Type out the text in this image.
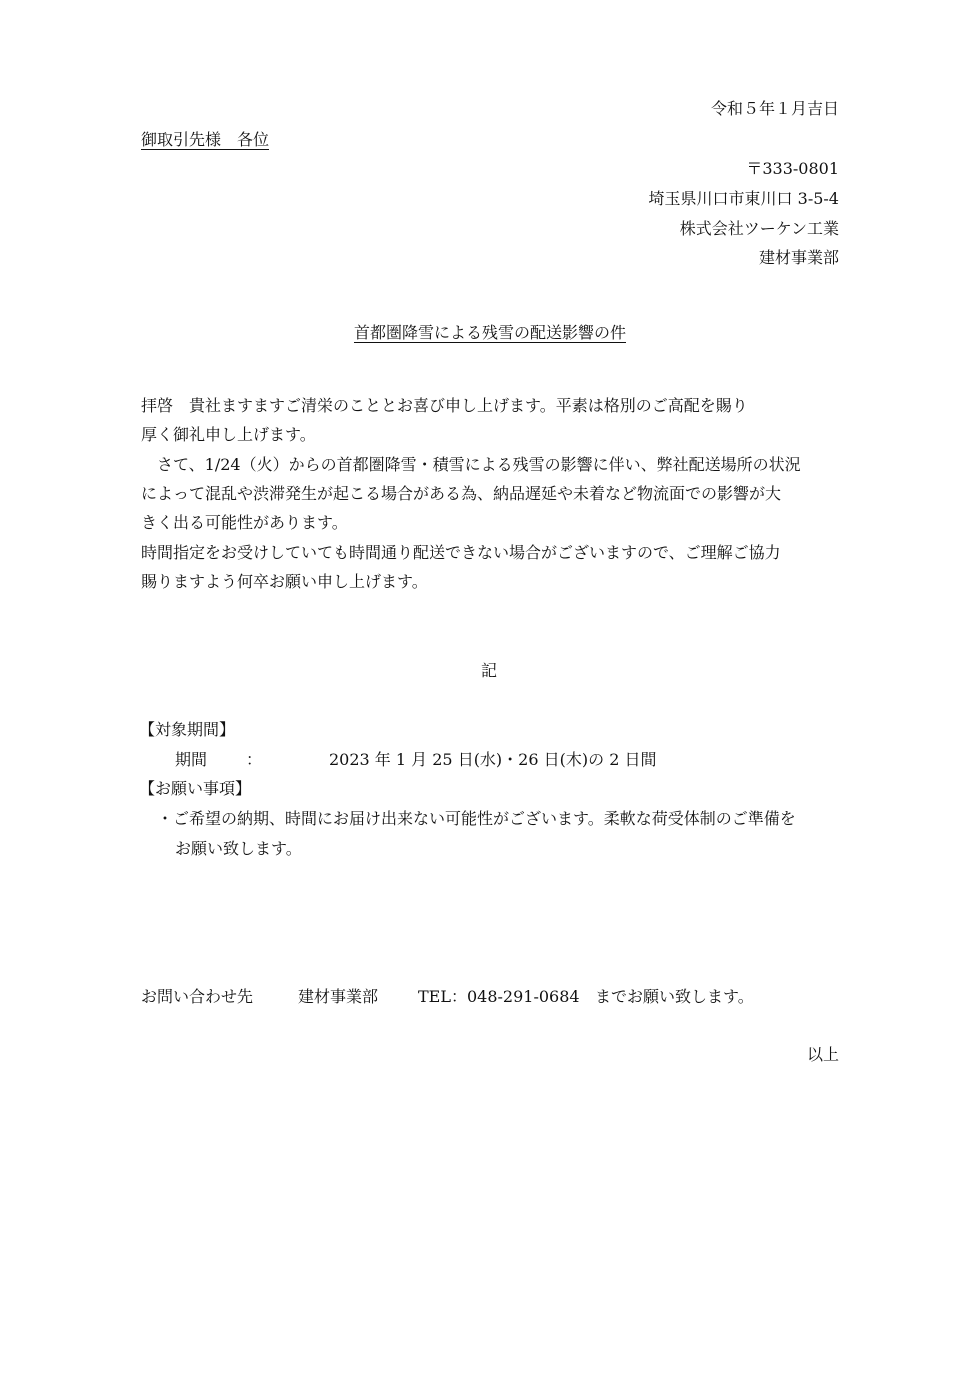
令和５年１月吉日
御取引先様　各位
〒333-0801
埼玉県川口市東川口 3-5-4
株式会社ツーケン工業
建材事業部
首都圏降雪による残雪の配送影響の件
拝啓　貴社ますますご清栄のこととお喜び申し上げます。平素は格別のご高配を賜り
厚く御礼申し上げます。
　さて、1/24（火）からの首都圏降雪・積雪による残雪の影響に伴い、弊社配送場所の状況
によって混乱や渋滞発生が起こる場合がある為、納品遅延や未着など物流面での影響が大
きく出る可能性があります。
時間指定をお受けしていても時間通り配送できない場合がございますので、ご理解ご協力
賜りますよう何卒お願い申し上げます。
記
【対象期間】
期間 ：	2023 年 1 月 25 日(水)・26 日(木)の 2 日間
【お願い事項】
・ご希望の納期、時間にお届け出来ない可能性がございます。柔軟な荷受体制のご準備を
お願い致します。
お問い合わせ先	建材事業部 TEL：048-291-0684 までお願い致します。
以上
